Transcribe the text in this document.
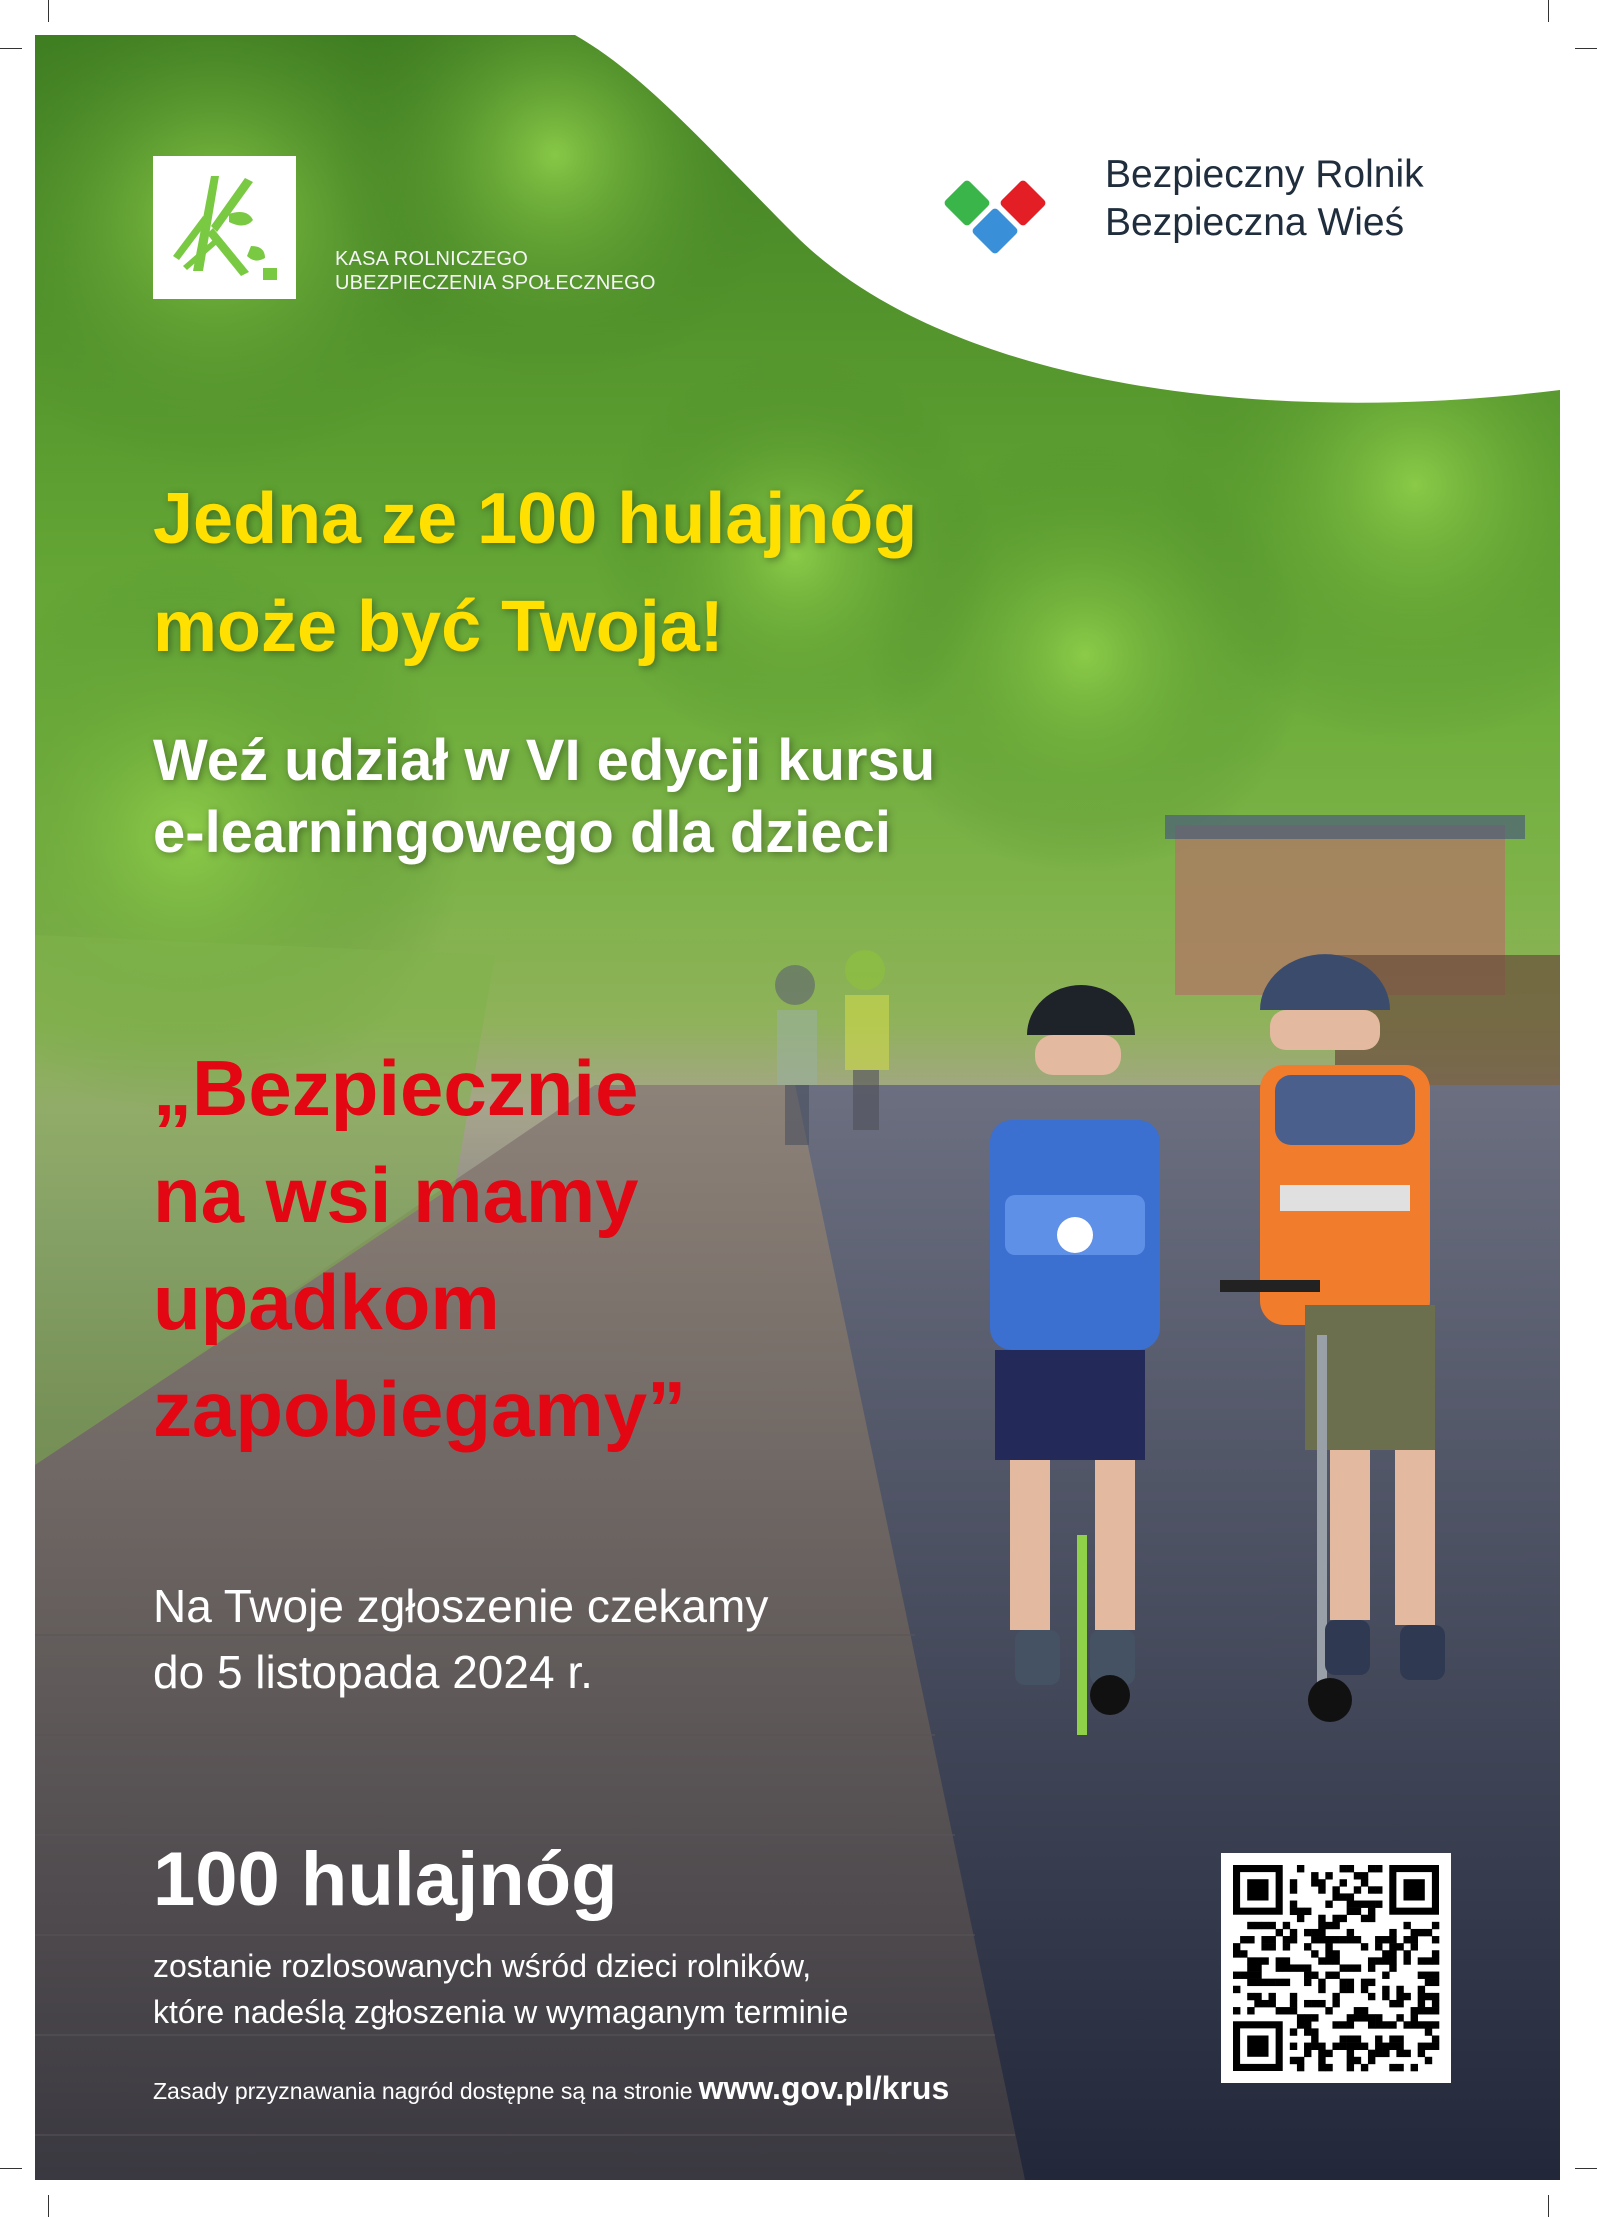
KASA ROLNICZEGO
UBEZPIECZENIA SPOŁECZNEGO
Bezpieczny Rolnik
Bezpieczna Wieś
Jedna ze 100 hulajnóg
może być Twoja!
Weź udział w VI edycji kursu
e-learningowego dla dzieci
„Bezpiecznie
na wsi mamy
upadkom
zapobiegamy”
Na Twoje zgłoszenie czekamy
do 5 listopada 2024 r.
100 hulajnóg
zostanie rozlosowanych wśród dzieci rolników,
które nadeślą zgłoszenia w wymaganym terminie
Zasady przyznawania nagród dostępne są na stronie www.gov.pl/krus
